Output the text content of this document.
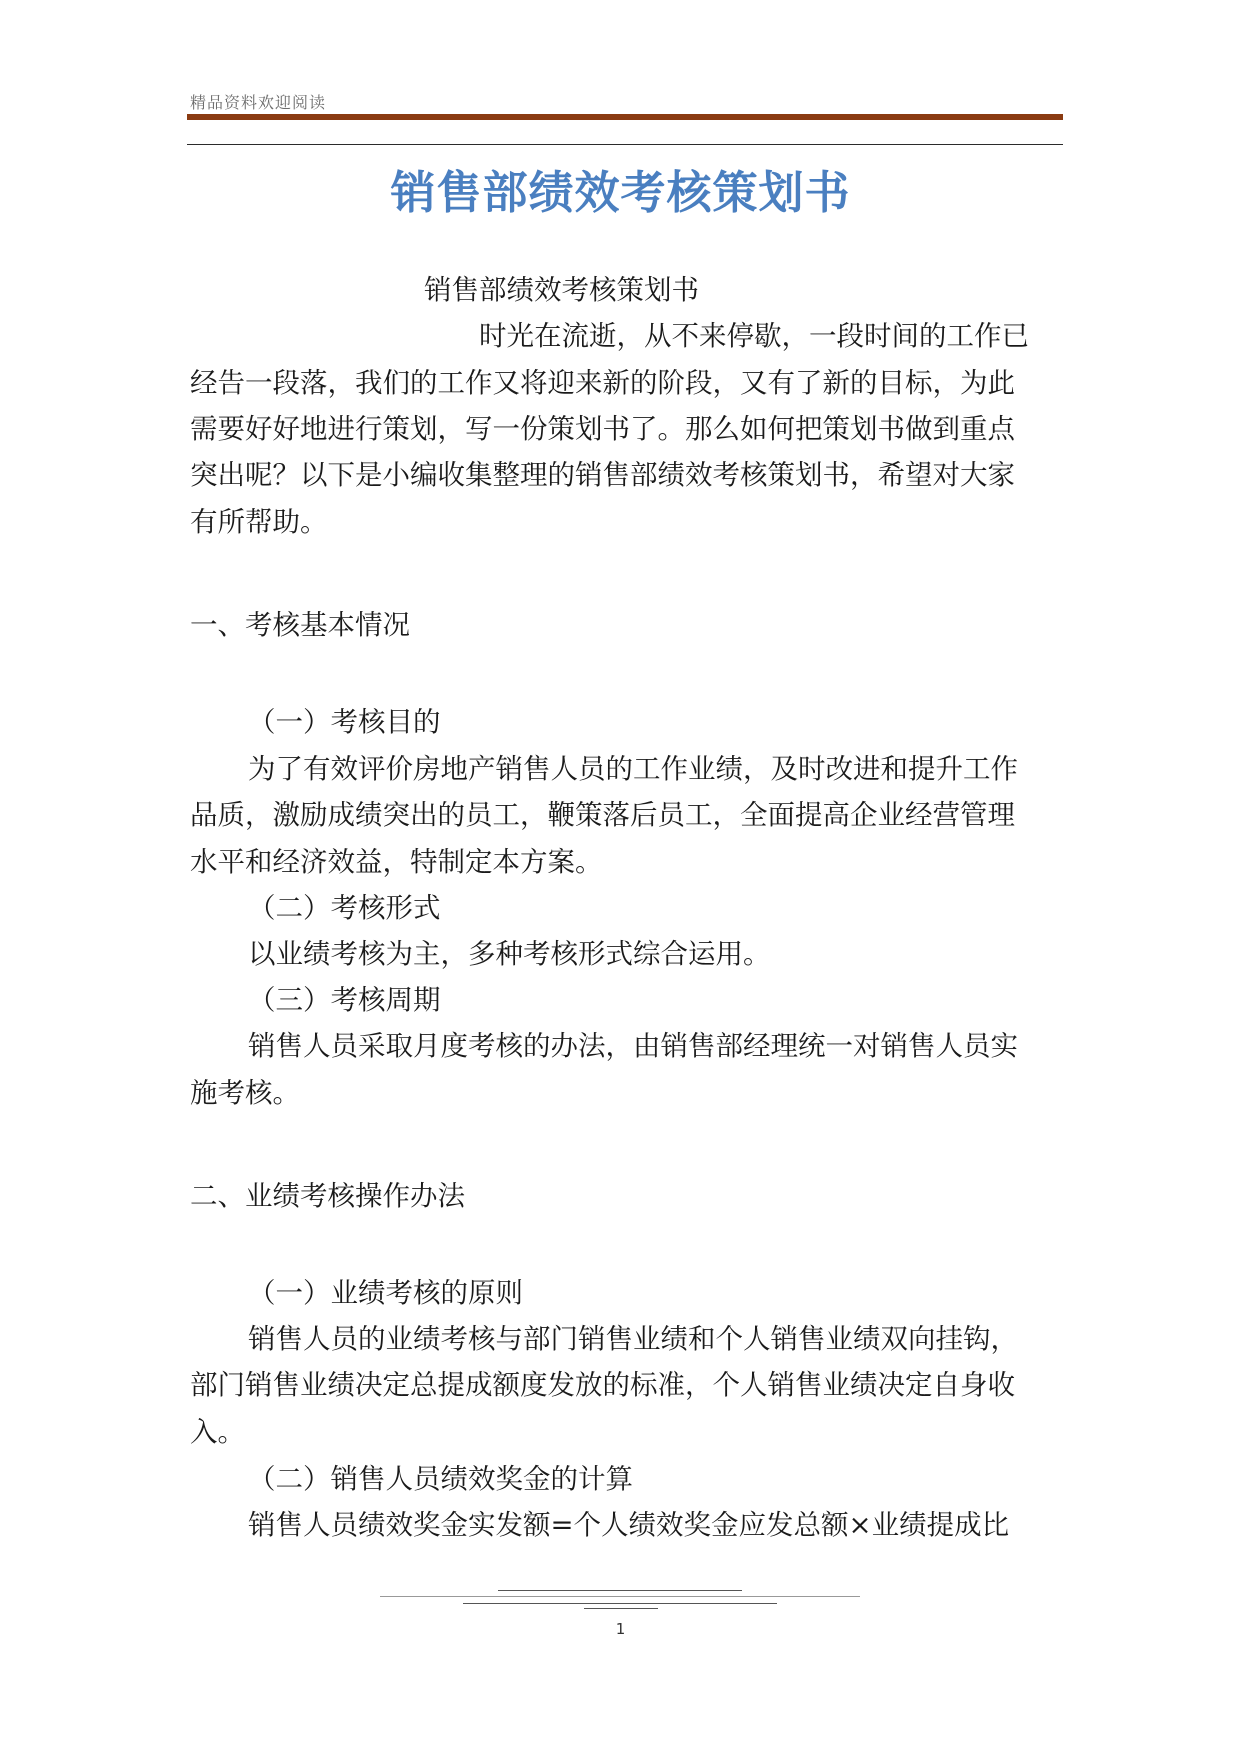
精品资料欢迎阅读
销售部绩效考核策划书

销售部绩效考核策划书

时光在流逝，从不来停歇，一段时间的工作已

经告一段落，我们的工作又将迎来新的阶段，又有了新的目标，为此

需要好好地进行策划，写一份策划书了。那么如何把策划书做到重点

突出呢？以下是小编收集整理的销售部绩效考核策划书，希望对大家

有所帮助。

一、考核基本情况

（一）考核目的

为了有效评价房地产销售人员的工作业绩，及时改进和提升工作

品质，激励成绩突出的员工，鞭策落后员工，全面提高企业经营管理

水平和经济效益，特制定本方案。

（二）考核形式

以业绩考核为主，多种考核形式综合运用。

（三）考核周期

销售人员采取月度考核的办法，由销售部经理统一对销售人员实

施考核。

二、业绩考核操作办法

（一）业绩考核的原则

销售人员的业绩考核与部门销售业绩和个人销售业绩双向挂钩，

部门销售业绩决定总提成额度发放的标准，个人销售业绩决定自身收

入。

（二）销售人员绩效奖金的计算

销售人员绩效奖金实发额=个人绩效奖金应发总额×业绩提成比

1
